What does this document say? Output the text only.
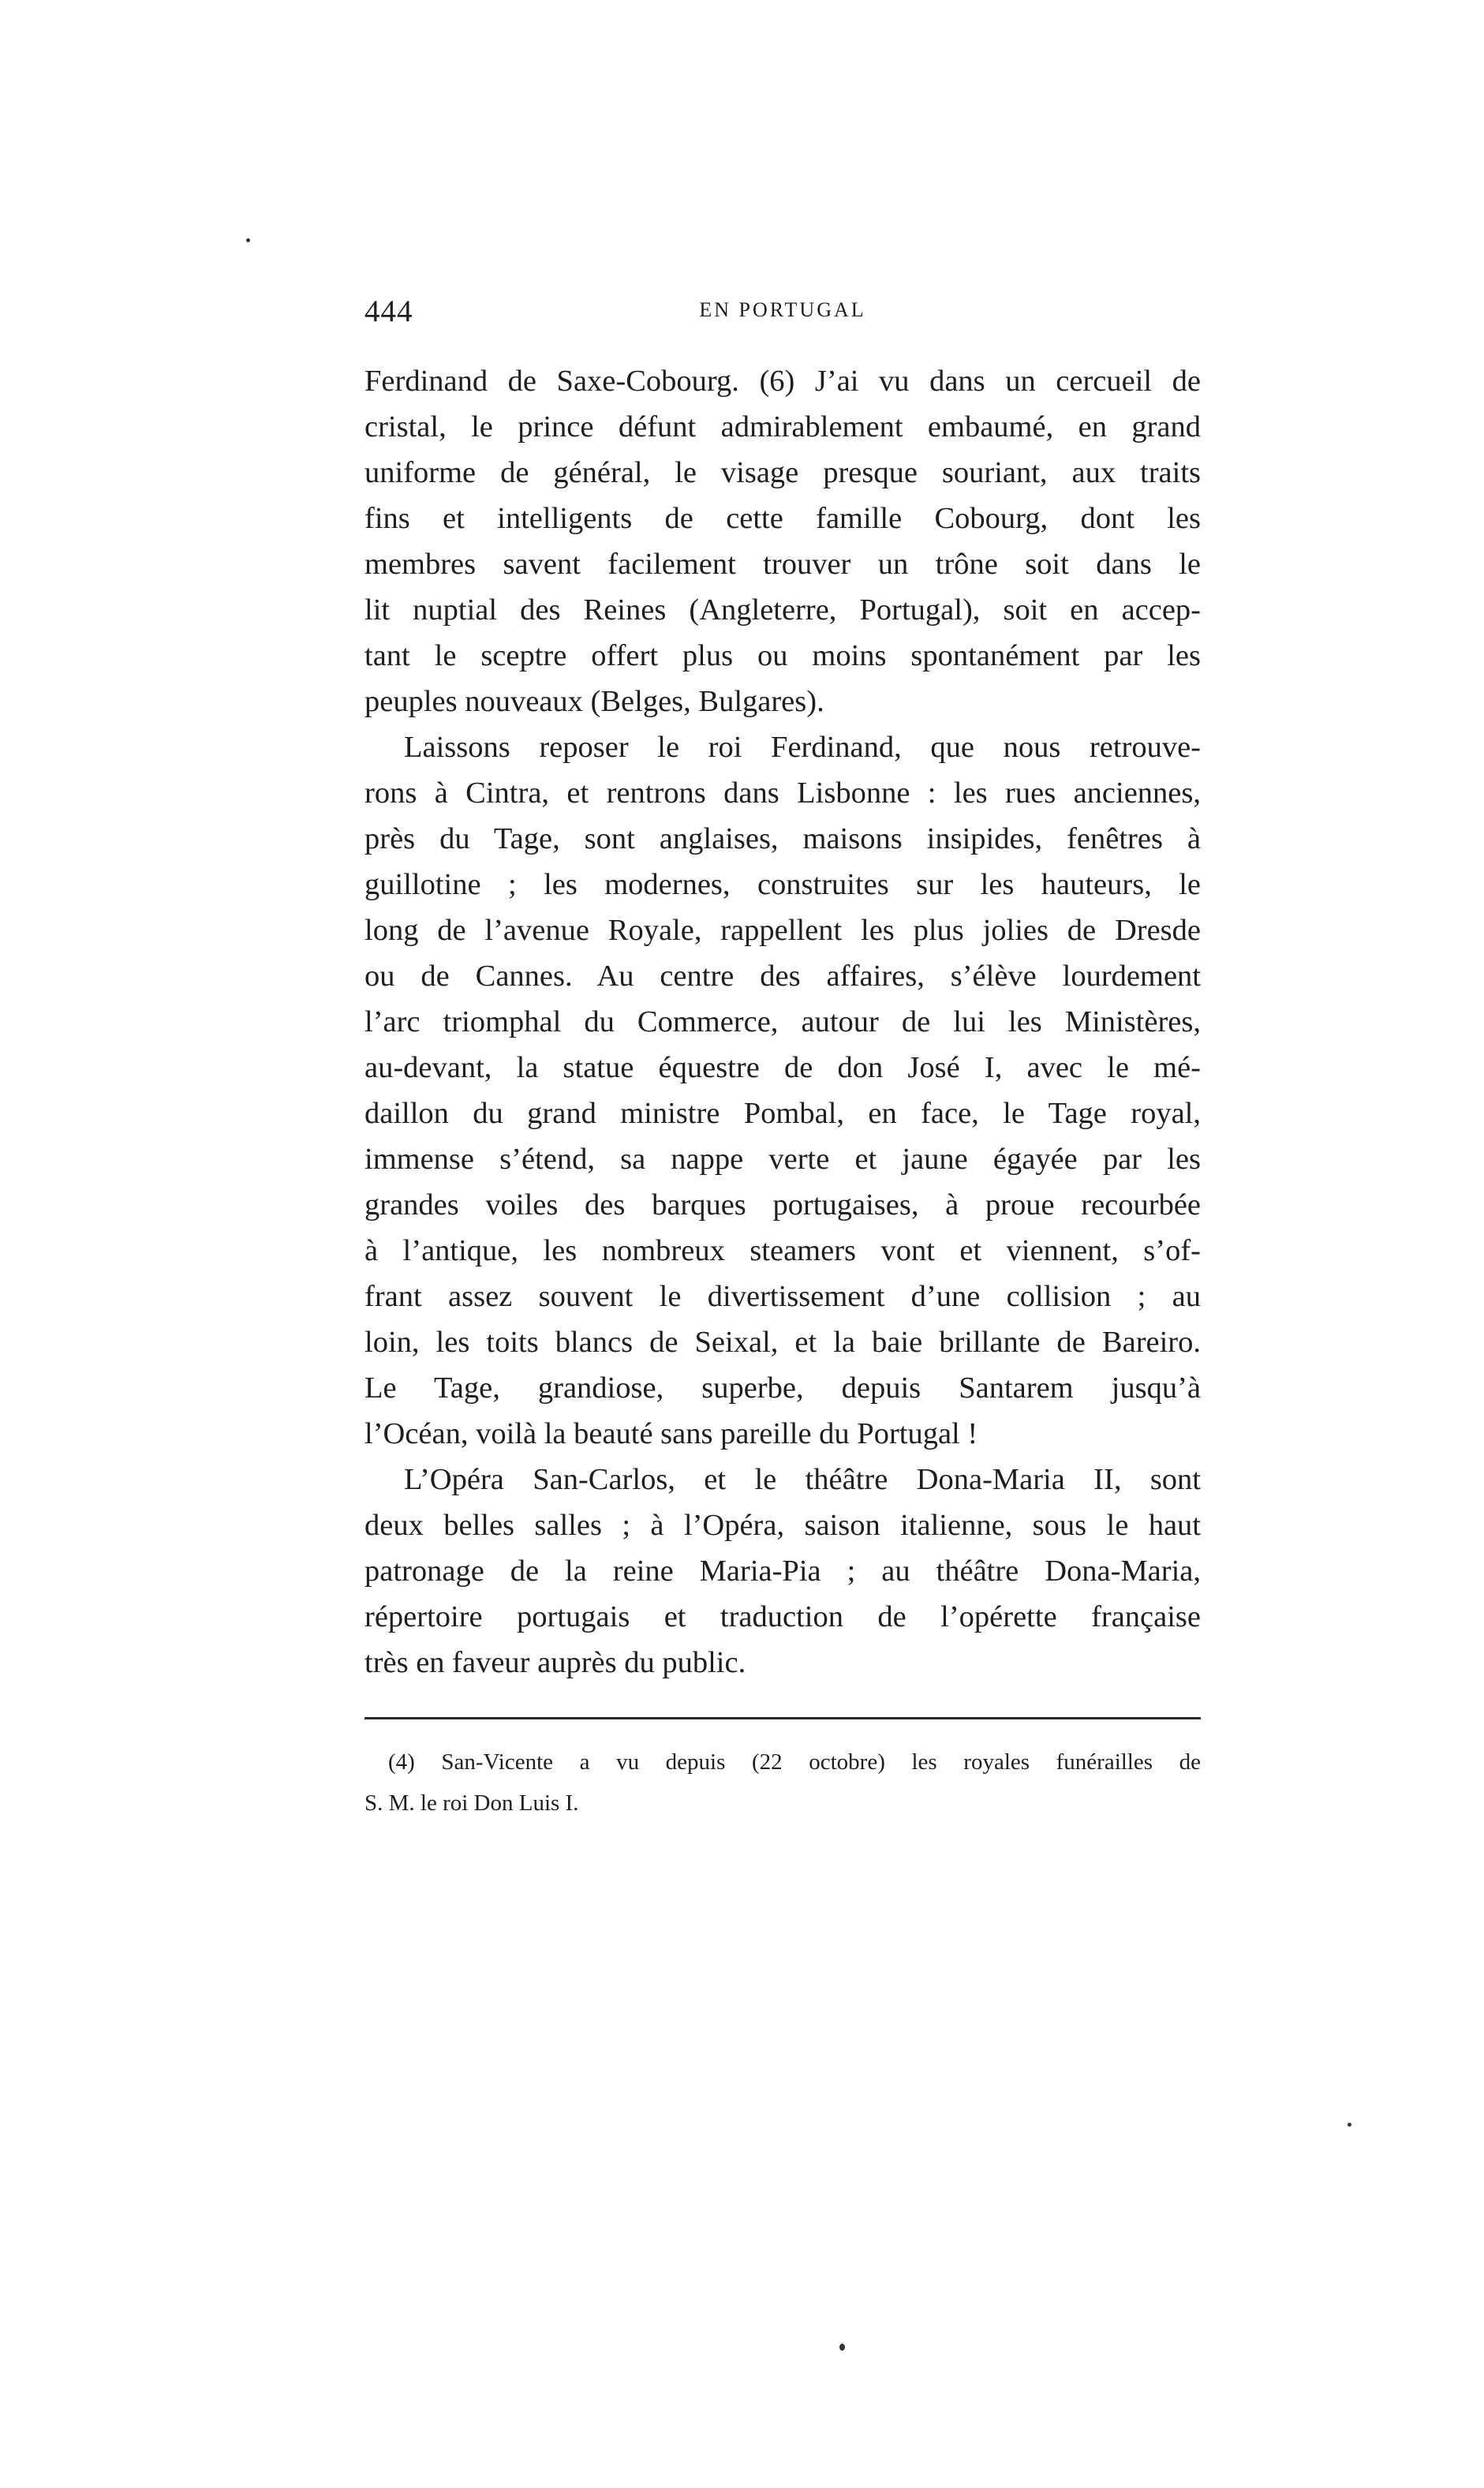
444	EN PORTUGAL
Ferdinand de Saxe-Cobourg. (6) J’ai vu dans un cercueil de
cristal, le prince défunt admirablement embaumé, en grand
uniforme de général, le visage presque souriant, aux traits
fins et intelligents de cette famille Cobourg, dont les
membres savent facilement trouver un trône soit dans le
lit nuptial des Reines (Angleterre, Portugal), soit en accep-
tant le sceptre offert plus ou moins spontanément par les
peuples nouveaux (Belges, Bulgares).
Laissons reposer le roi Ferdinand, que nous retrouve-
rons à Cintra, et rentrons dans Lisbonne : les rues anciennes,
près du Tage, sont anglaises, maisons insipides, fenêtres à
guillotine ; les modernes, construites sur les hauteurs, le
long de l’avenue Royale, rappellent les plus jolies de Dresde
ou de Cannes. Au centre des affaires, s’élève lourdement
l’arc triomphal du Commerce, autour de lui les Ministères,
au-devant, la statue équestre de don José I, avec le mé-
daillon du grand ministre Pombal, en face, le Tage royal,
immense s’étend, sa nappe verte et jaune égayée par les
grandes voiles des barques portugaises, à proue recourbée
à l’antique, les nombreux steamers vont et viennent, s’of-
frant assez souvent le divertissement d’une collision ; au
loin, les toits blancs de Seixal, et la baie brillante de Bareiro.
Le Tage, grandiose, superbe, depuis Santarem jusqu’à
l’Océan, voilà la beauté sans pareille du Portugal !
L’Opéra San-Carlos, et le théâtre Dona-Maria II, sont
deux belles salles ; à l’Opéra, saison italienne, sous le haut
patronage de la reine Maria-Pia ; au théâtre Dona-Maria,
répertoire portugais et traduction de l’opérette française
très en faveur auprès du public.
(4) San-Vicente a vu depuis (22 octobre) les royales funérailles de
S. M. le roi Don Luis I.
